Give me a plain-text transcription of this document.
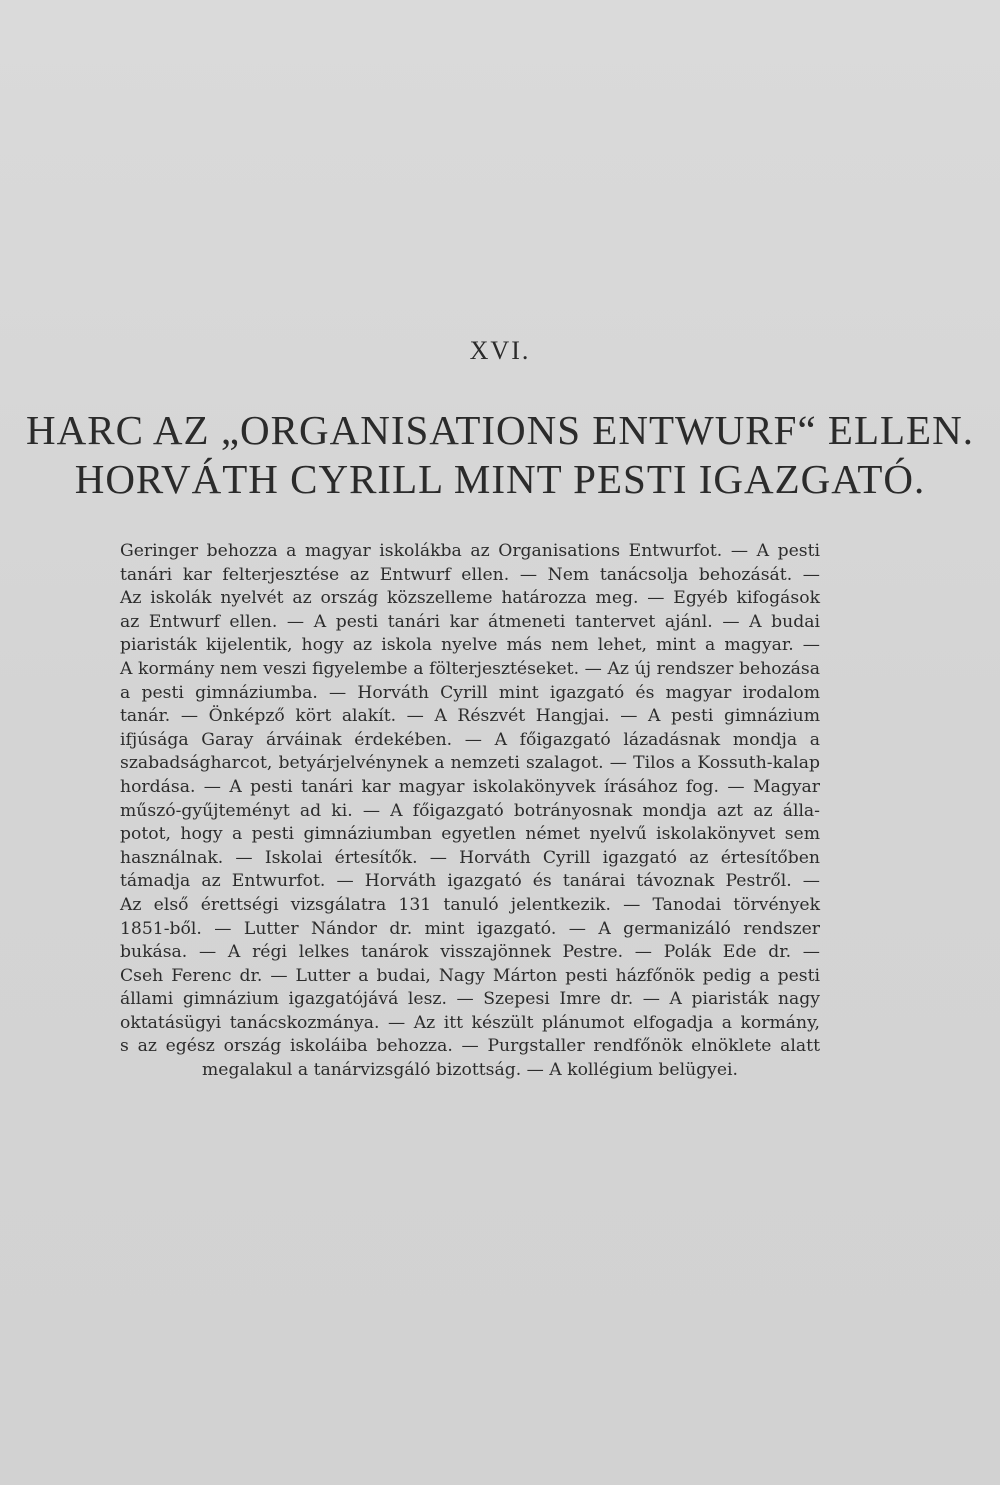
XVI.
HARC AZ „ORGANISATIONS ENTWURF“ ELLEN.
HORVÁTH CYRILL MINT PESTI IGAZGATÓ.
Geringer behozza a magyar iskolákba az Organisations Entwurfot. — A pesti
tanári kar felterjesztése az Entwurf ellen. — Nem tanácsolja behozását. —
Az iskolák nyelvét az ország közszelleme határozza meg. — Egyéb kifogások
az Entwurf ellen. — A pesti tanári kar átmeneti tantervet ajánl. — A budai
piaristák kijelentik, hogy az iskola nyelve más nem lehet, mint a magyar. —
A kormány nem veszi figyelembe a fölterjesztéseket. — Az új rendszer behozása
a pesti gimnáziumba. — Horváth Cyrill mint igazgató és magyar irodalom
tanár. — Önképző kört alakít. — A Részvét Hangjai. — A pesti gimnázium
ifjúsága Garay árváinak érdekében. — A főigazgató lázadásnak mondja a
szabadságharcot, betyárjelvénynek a nemzeti szalagot. — Tilos a Kossuth-kalap
hordása. — A pesti tanári kar magyar iskolakönyvek írásához fog. — Magyar
műszó-gyűjteményt ad ki. — A főigazgató botrányosnak mondja azt az álla-
potot, hogy a pesti gimnáziumban egyetlen német nyelvű iskolakönyvet sem
használnak. — Iskolai értesítők. — Horváth Cyrill igazgató az értesítőben
támadja az Entwurfot. — Horváth igazgató és tanárai távoznak Pestről. —
Az első érettségi vizsgálatra 131 tanuló jelentkezik. — Tanodai törvények
1851-ből. — Lutter Nándor dr. mint igazgató. — A germanizáló rendszer
bukása. — A régi lelkes tanárok visszajönnek Pestre. — Polák Ede dr. —
Cseh Ferenc dr. — Lutter a budai, Nagy Márton pesti házfőnök pedig a pesti
állami gimnázium igazgatójává lesz. — Szepesi Imre dr. — A piaristák nagy
oktatásügyi tanácskozmánya. — Az itt készült plánumot elfogadja a kormány,
s az egész ország iskoláiba behozza. — Purgstaller rendfőnök elnöklete alatt
megalakul a tanárvizsgáló bizottság. — A kollégium belügyei.
